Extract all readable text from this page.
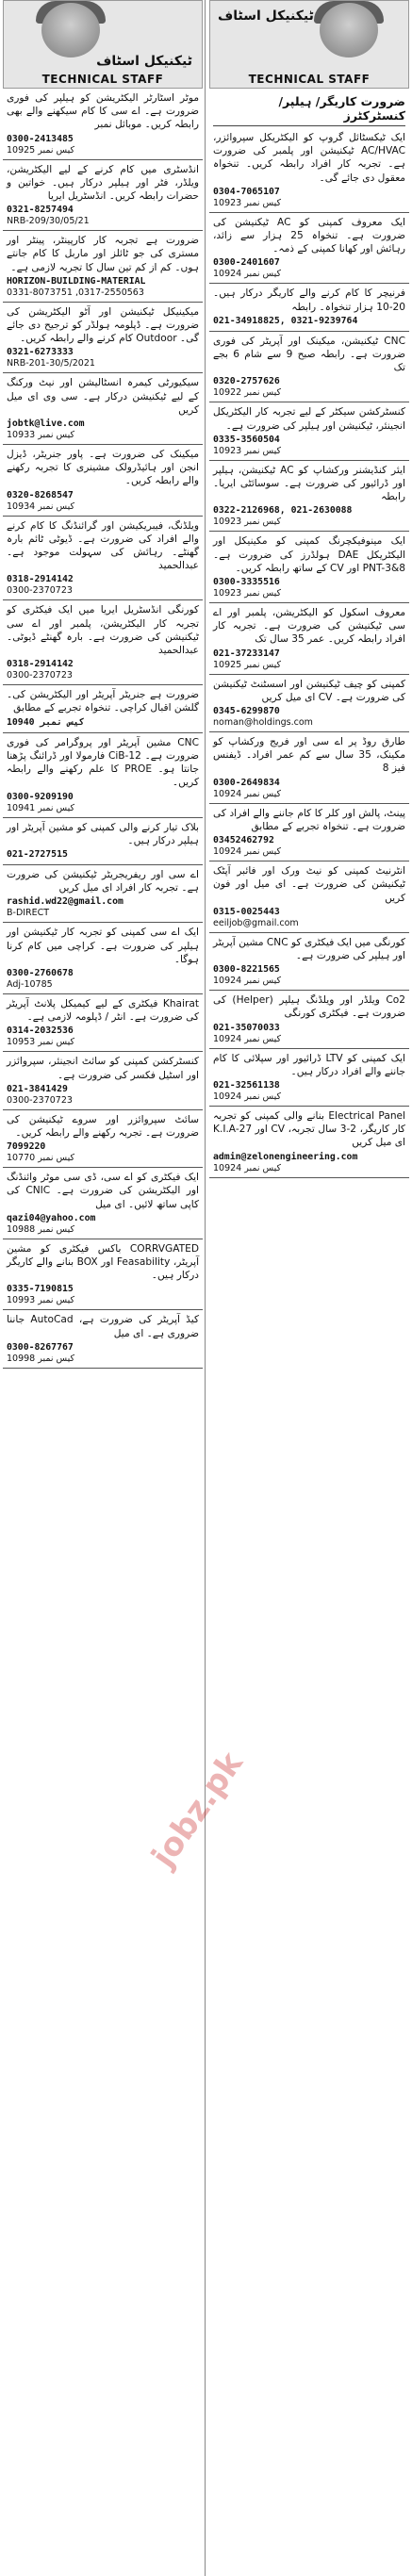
ٹیکنیکل اسٹاف
TECHNICAL STAFF

موٹر اسٹارٹر الیکٹریشن کو ہیلپر کی فوری ضرورت ہے۔ اے سی کا کام سیکھنے والے بھی رابطہ کریں۔ موبائل نمبر

0300-2413485
کیس نمبر 10925

انڈسٹری میں کام کرنے کے لیے الیکٹریشن، ویلڈر، فٹر اور ہیلپر درکار ہیں۔ خواتین و حضرات رابطہ کریں۔ انڈسٹریل ایریا

0321-8257494
NRB-209/30/05/21

ضرورت ہے تجربہ کار کارپینٹر، پینٹر اور مستری کی جو ٹائلز اور ماربل کا کام جانتے ہوں۔ کم از کم تین سال کا تجربہ لازمی ہے۔

HORIZON-BUILDING-MATERIAL
0317-2550563, 0331-8073751

میکینیکل ٹیکنیشن اور آٹو الیکٹریشن کی ضرورت ہے۔ ڈپلومہ ہولڈر کو ترجیح دی جائے گی۔ Outdoor کام کرنے والے رابطہ کریں۔

0321-6273333
NRB-201-30/5/2021

سیکیورٹی کیمرہ انسٹالیشن اور نیٹ ورکنگ کے لیے ٹیکنیشن درکار ہے۔ سی وی ای میل کریں

jobtk@live.com
کیس نمبر 10933

میکینک کی ضرورت ہے۔ پاور جنریٹر، ڈیزل انجن اور ہائیڈرولک مشینری کا تجربہ رکھنے والے رابطہ کریں۔

0320-8268547
کیس نمبر 10934

ویلڈنگ، فیبریکیشن اور گرائنڈنگ کا کام کرنے والے افراد کی ضرورت ہے۔ ڈیوٹی ٹائم بارہ گھنٹے۔ رہائش کی سہولت موجود ہے۔ عبدالحمید

0318-2914142
0300-2370723

کورنگی انڈسٹریل ایریا میں ایک فیکٹری کو تجربہ کار الیکٹریشن، پلمبر اور اے سی ٹیکنیشن کی ضرورت ہے۔ بارہ گھنٹے ڈیوٹی۔ عبدالحمید

0318-2914142
0300-2370723

ضرورت ہے جنریٹر آپریٹر اور الیکٹریشن کی۔ گلشن اقبال کراچی۔ تنخواہ تجربے کے مطابق

کیس نمبر 10940

CNC مشین آپریٹر اور پروگرامر کی فوری ضرورت ہے۔ CiB-12 فارمولا اور ڈرائنگ پڑھنا جانتا ہو۔ PROE کا علم رکھنے والے رابطہ کریں۔

0300-9209190
کیس نمبر 10941

بلاک تیار کرنے والی کمپنی کو مشین آپریٹر اور ہیلپر درکار ہیں۔

021-2727515

اے سی اور ریفریجریٹر ٹیکنیشن کی ضرورت ہے۔ تجربہ کار افراد ای میل کریں

rashid.wd22@gmail.com
B-DIRECT

ایک اے سی کمپنی کو تجربہ کار ٹیکنیشن اور ہیلپر کی ضرورت ہے۔ کراچی میں کام کرنا ہوگا۔

0300-2760678
10785-Adj

Khairat فیکٹری کے لیے کیمیکل پلانٹ آپریٹر کی ضرورت ہے۔ انٹر / ڈپلومہ لازمی ہے۔

0314-2032536
کیس نمبر 10953

کنسٹرکشن کمپنی کو سائٹ انجینئر، سپروائزر اور اسٹیل فکسر کی ضرورت ہے۔

021-3841429
0300-2370723

سائٹ سپروائزر اور سروے ٹیکنیشن کی ضرورت ہے۔ تجربہ رکھنے والے رابطہ کریں۔

7099220
کیس نمبر 10770

ایک فیکٹری کو اے سی، ڈی سی موٹر وائنڈنگ اور الیکٹریشن کی ضرورت ہے۔ CNIC کی کاپی ساتھ لائیں۔ ای میل

qazi04@yahoo.com
کیس نمبر 10988

CORRVGATED باکس فیکٹری کو مشین آپریٹر، Feasability اور BOX بنانے والے کاریگر درکار ہیں۔

0335-7190815
کیس نمبر 10993

کیڈ آپریٹر کی ضرورت ہے، AutoCad جاننا ضروری ہے۔ ای میل

0300-8267767
کیس نمبر 10998
ٹیکنیکل اسٹاف
TECHNICAL STAFF
ضرورت کاریگر/ ہیلپر/ کنسٹرکٹرز

ایک ٹیکسٹائل گروپ کو الیکٹریکل سپروائزر، AC/HVAC ٹیکنیشن اور پلمبر کی ضرورت ہے۔ تجربہ کار افراد رابطہ کریں۔ تنخواہ معقول دی جائے گی۔

0304-7065107
کیس نمبر 10923

ایک معروف کمپنی کو AC ٹیکنیشن کی ضرورت ہے۔ تنخواہ 25 ہزار سے زائد، رہائش اور کھانا کمپنی کے ذمہ۔

0300-2401607
کیس نمبر 10924

فرنیچر کا کام کرنے والے کاریگر درکار ہیں۔ 20-10 ہزار تنخواہ۔ رابطہ

021-34918825, 0321-9239764

CNC ٹیکنیشن، میکینک اور آپریٹر کی فوری ضرورت ہے۔ رابطہ صبح 9 سے شام 6 بجے تک

0320-2757626
کیس نمبر 10922

کنسٹرکشن سیکٹر کے لیے تجربہ کار الیکٹریکل انجینئر، ٹیکنیشن اور ہیلپر کی ضرورت ہے۔

0335-3560504
کیس نمبر 10923

ایئر کنڈیشنر ورکشاپ کو AC ٹیکنیشن، ہیلپر اور ڈرائیور کی ضرورت ہے۔ سوسائٹی ایریا۔ رابطہ

0322-2126968, 021-2630088
کیس نمبر 10923

ایک مینوفیکچرنگ کمپنی کو مکینیکل اور الیکٹریکل DAE ہولڈرز کی ضرورت ہے۔ PNT-3&8 اور CV کے ساتھ رابطہ کریں۔

0300-3335516
کیس نمبر 10923

معروف اسکول کو الیکٹریشن، پلمبر اور اے سی ٹیکنیشن کی ضرورت ہے۔ تجربہ کار افراد رابطہ کریں۔ عمر 35 سال تک

021-37233147
کیس نمبر 10925

کمپنی کو چیف ٹیکنیشن اور اسسٹنٹ ٹیکنیشن کی ضرورت ہے۔ CV ای میل کریں

0345-6299870
noman@holdings.com

طارق روڈ پر اے سی اور فریج ورکشاپ کو مکینک، 35 سال سے کم عمر افراد۔ ڈیفنس فیز 8

0300-2649834
کیس نمبر 10924

پینٹ، پالش اور کلر کا کام جاننے والے افراد کی ضرورت ہے۔ تنخواہ تجربے کے مطابق

03452462792
کیس نمبر 10924

انٹرنیٹ کمپنی کو نیٹ ورک اور فائبر آپٹک ٹیکنیشن کی ضرورت ہے۔ ای میل اور فون کریں

0315-0025443
eeiljob@gmail.com

کورنگی میں ایک فیکٹری کو CNC مشین آپریٹر اور ہیلپر کی ضرورت ہے۔

0300-8221565
کیس نمبر 10924

Co2 ویلڈر اور ویلڈنگ ہیلپر (Helper) کی ضرورت ہے۔ فیکٹری کورنگی

021-35070033
کیس نمبر 10924

ایک کمپنی کو LTV ڈرائیور اور سپلائی کا کام جاننے والے افراد درکار ہیں۔

021-32561138
کیس نمبر 10924

Electrical Panel بنانے والی کمپنی کو تجربہ کار کاریگر، 2-3 سال تجربہ، CV اور K.I.A-27 ای میل کریں

admin@zelonengineering.com
کیس نمبر 10924
jobz.pk
